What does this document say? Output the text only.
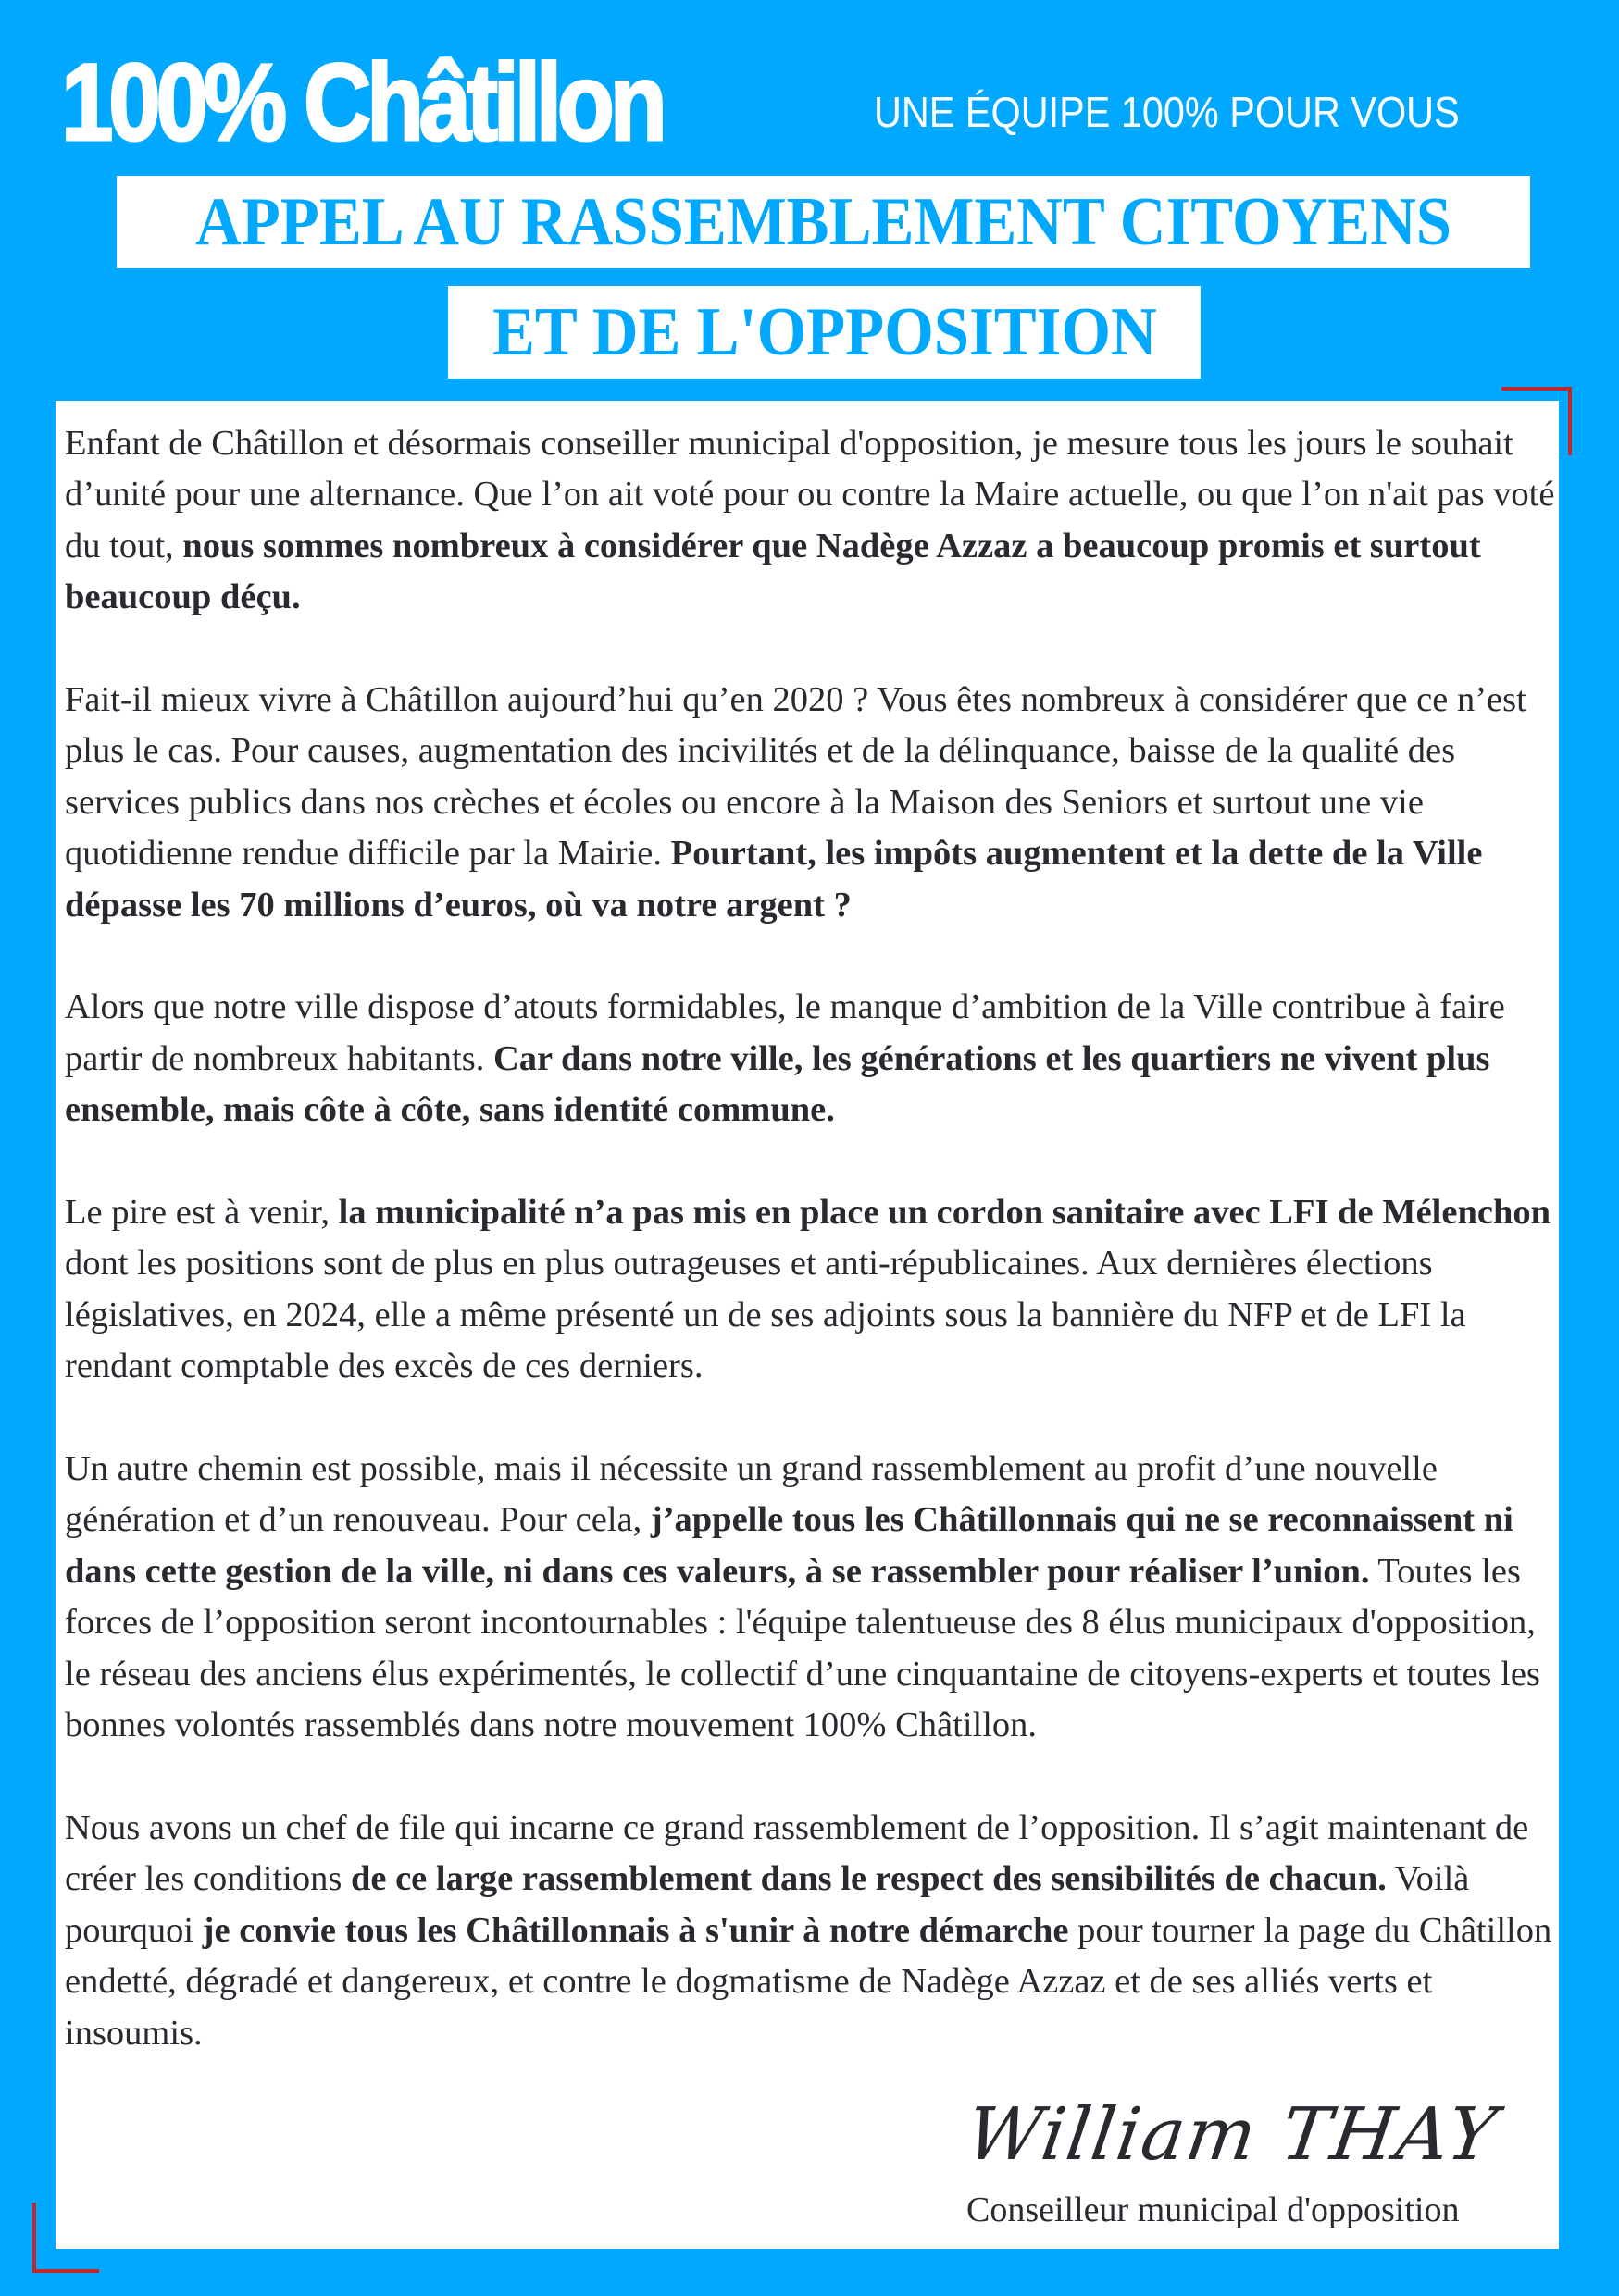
100% Châtillon	UNE ÉQUIPE 100% POUR VOUS
APPEL AU RASSEMBLEMENT CITOYENS
ET DE L'OPPOSITION

Enfant de Châtillon et désormais conseiller municipal d'opposition, je mesure tous les jours le souhait d’unité pour une alternance. Que l’on ait voté pour ou contre la Maire actuelle, ou que l’on n'ait pas voté du tout, nous sommes nombreux à considérer que Nadège Azzaz a beaucoup promis et surtout beaucoup déçu.

Fait-il mieux vivre à Châtillon aujourd’hui qu’en 2020 ? Vous êtes nombreux à considérer que ce n’est plus le cas. Pour causes, augmentation des incivilités et de la délinquance, baisse de la qualité des services publics dans nos crèches et écoles ou encore à la Maison des Seniors et surtout une vie quotidienne rendue difficile par la Mairie. Pourtant, les impôts augmentent et la dette de la Ville dépasse les 70 millions d’euros, où va notre argent ?

Alors que notre ville dispose d’atouts formidables, le manque d’ambition de la Ville contribue à faire partir de nombreux habitants. Car dans notre ville, les générations et les quartiers ne vivent plus ensemble, mais côte à côte, sans identité commune.

Le pire est à venir, la municipalité n’a pas mis en place un cordon sanitaire avec LFI de Mélenchon dont les positions sont de plus en plus outrageuses et anti-républicaines. Aux dernières élections législatives, en 2024, elle a même présenté un de ses adjoints sous la bannière du NFP et de LFI la rendant comptable des excès de ces derniers.

Un autre chemin est possible, mais il nécessite un grand rassemblement au profit d’une nouvelle génération et d’un renouveau. Pour cela, j’appelle tous les Châtillonnais qui ne se reconnaissent ni dans cette gestion de la ville, ni dans ces valeurs, à se rassembler pour réaliser l’union. Toutes les forces de l’opposition seront incontournables : l'équipe talentueuse des 8 élus municipaux d'opposition, le réseau des anciens élus expérimentés, le collectif d’une cinquantaine de citoyens-experts et toutes les bonnes volontés rassemblés dans notre mouvement 100% Châtillon.

Nous avons un chef de file qui incarne ce grand rassemblement de l’opposition. Il s’agit maintenant de créer les conditions de ce large rassemblement dans le respect des sensibilités de chacun. Voilà pourquoi je convie tous les Châtillonnais à s'unir à notre démarche pour tourner la page du Châtillon endetté, dégradé et dangereux, et contre le dogmatisme de Nadège Azzaz et de ses alliés verts et insoumis.

William THAY
Conseilleur municipal d'opposition
